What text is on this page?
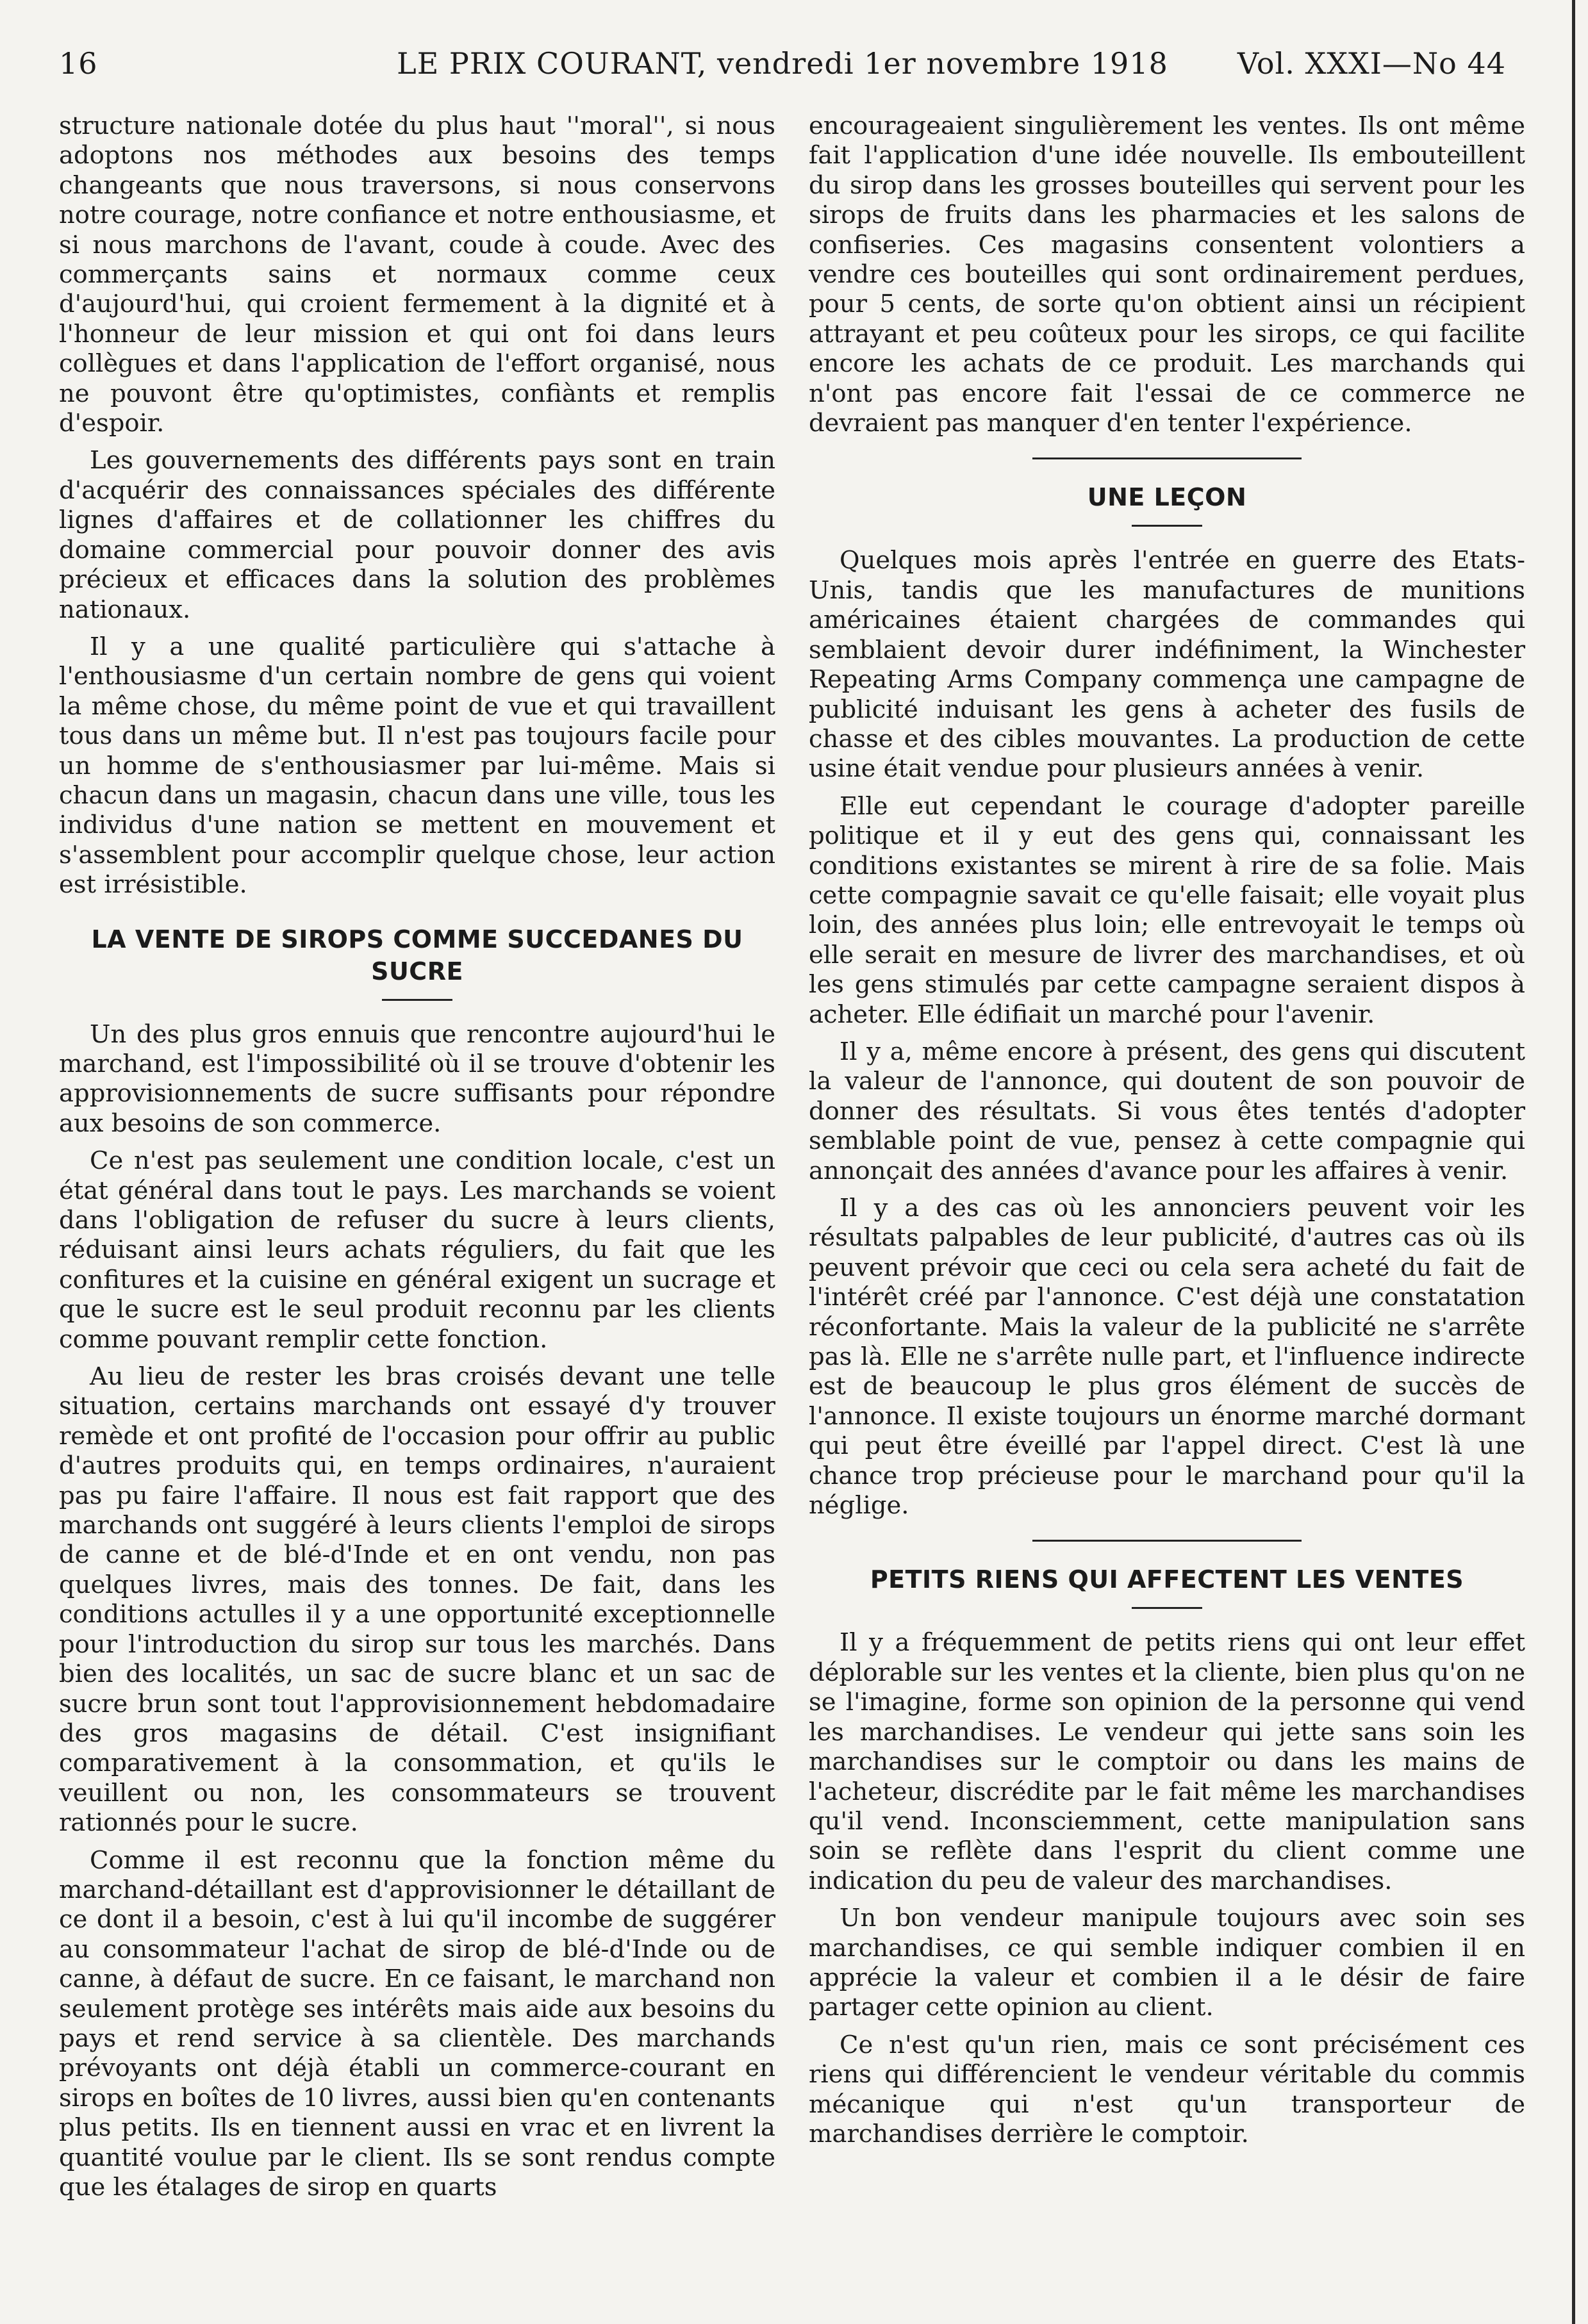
16	LE PRIX COURANT, vendredi 1er novembre 1918	Vol. XXXI—No 44

structure nationale dotée du plus haut ''moral'', si nous adoptons nos méthodes aux besoins des temps changeants que nous traversons, si nous conservons notre courage, notre confiance et notre enthousiasme, et si nous marchons de l'avant, coude à coude. Avec des commerçants sains et normaux comme ceux d'aujourd'hui, qui croient fermement à la dignité et à l'honneur de leur mission et qui ont foi dans leurs collègues et dans l'application de l'effort organisé, nous ne pouvont être qu'optimistes, confiànts et remplis d'espoir.

Les gouvernements des différents pays sont en train d'acquérir des connaissances spéciales des différente lignes d'affaires et de collationner les chiffres du domaine commercial pour pouvoir donner des avis précieux et efficaces dans la solution des problèmes nationaux.

Il y a une qualité particulière qui s'attache à l'enthousiasme d'un certain nombre de gens qui voient la même chose, du même point de vue et qui travaillent tous dans un même but. Il n'est pas toujours facile pour un homme de s'enthousiasmer par lui-même. Mais si chacun dans un magasin, chacun dans une ville, tous les individus d'une nation se mettent en mouvement et s'assemblent pour accomplir quelque chose, leur action est irrésistible.

LA VENTE DE SIROPS COMME SUCCEDANES DU SUCRE

Un des plus gros ennuis que rencontre aujourd'hui le marchand, est l'impossibilité où il se trouve d'obtenir les approvisionnements de sucre suffisants pour répondre aux besoins de son commerce.

Ce n'est pas seulement une condition locale, c'est un état général dans tout le pays. Les marchands se voient dans l'obligation de refuser du sucre à leurs clients, réduisant ainsi leurs achats réguliers, du fait que les confitures et la cuisine en général exigent un sucrage et que le sucre est le seul produit reconnu par les clients comme pouvant remplir cette fonction.

Au lieu de rester les bras croisés devant une telle situation, certains marchands ont essayé d'y trouver remède et ont profité de l'occasion pour offrir au public d'autres produits qui, en temps ordinaires, n'auraient pas pu faire l'affaire. Il nous est fait rapport que des marchands ont suggéré à leurs clients l'emploi de sirops de canne et de blé-d'Inde et en ont vendu, non pas quelques livres, mais des tonnes. De fait, dans les conditions actulles il y a une opportunité exceptionnelle pour l'introduction du sirop sur tous les marchés. Dans bien des localités, un sac de sucre blanc et un sac de sucre brun sont tout l'approvisionnement hebdomadaire des gros magasins de détail. C'est insignifiant comparativement à la consommation, et qu'ils le veuillent ou non, les consommateurs se trouvent rationnés pour le sucre.

Comme il est reconnu que la fonction même du marchand-détaillant est d'approvisionner le détaillant de ce dont il a besoin, c'est à lui qu'il incombe de suggérer au consommateur l'achat de sirop de blé-d'Inde ou de canne, à défaut de sucre. En ce faisant, le marchand non seulement protège ses intérêts mais aide aux besoins du pays et rend service à sa clientèle. Des marchands prévoyants ont déjà établi un commerce-courant en sirops en boîtes de 10 livres, aussi bien qu'en contenants plus petits. Ils en tiennent aussi en vrac et en livrent la quantité voulue par le client. Ils se sont rendus compte que les étalages de sirop en quarts

encourageaient singulièrement les ventes. Ils ont même fait l'application d'une idée nouvelle. Ils embouteillent du sirop dans les grosses bouteilles qui servent pour les sirops de fruits dans les pharmacies et les salons de confiseries. Ces magasins consentent volontiers a vendre ces bouteilles qui sont ordinairement perdues, pour 5 cents, de sorte qu'on obtient ainsi un récipient attrayant et peu coûteux pour les sirops, ce qui facilite encore les achats de ce produit. Les marchands qui n'ont pas encore fait l'essai de ce commerce ne devraient pas manquer d'en tenter l'expérience.

UNE LEÇON

Quelques mois après l'entrée en guerre des Etats-Unis, tandis que les manufactures de munitions américaines étaient chargées de commandes qui semblaient devoir durer indéfiniment, la Winchester Repeating Arms Company commença une campagne de publicité induisant les gens à acheter des fusils de chasse et des cibles mouvantes. La production de cette usine était vendue pour plusieurs années à venir.

Elle eut cependant le courage d'adopter pareille politique et il y eut des gens qui, connaissant les conditions existantes se mirent à rire de sa folie. Mais cette compagnie savait ce qu'elle faisait; elle voyait plus loin, des années plus loin; elle entrevoyait le temps où elle serait en mesure de livrer des marchandises, et où les gens stimulés par cette campagne seraient dispos à acheter. Elle édifiait un marché pour l'avenir.

Il y a, même encore à présent, des gens qui discutent la valeur de l'annonce, qui doutent de son pouvoir de donner des résultats. Si vous êtes tentés d'adopter semblable point de vue, pensez à cette compagnie qui annonçait des années d'avance pour les affaires à venir.

Il y a des cas où les annonciers peuvent voir les résultats palpables de leur publicité, d'autres cas où ils peuvent prévoir que ceci ou cela sera acheté du fait de l'intérêt créé par l'annonce. C'est déjà une constatation réconfortante. Mais la valeur de la publicité ne s'arrête pas là. Elle ne s'arrête nulle part, et l'influence indirecte est de beaucoup le plus gros élément de succès de l'annonce. Il existe toujours un énorme marché dormant qui peut être éveillé par l'appel direct. C'est là une chance trop précieuse pour le marchand pour qu'il la néglige.

PETITS RIENS QUI AFFECTENT LES VENTES

Il y a fréquemment de petits riens qui ont leur effet déplorable sur les ventes et la cliente, bien plus qu'on ne se l'imagine, forme son opinion de la personne qui vend les marchandises. Le vendeur qui jette sans soin les marchandises sur le comptoir ou dans les mains de l'acheteur, discrédite par le fait même les marchandises qu'il vend. Inconsciemment, cette manipulation sans soin se reflète dans l'esprit du client comme une indication du peu de valeur des marchandises.

Un bon vendeur manipule toujours avec soin ses marchandises, ce qui semble indiquer combien il en apprécie la valeur et combien il a le désir de faire partager cette opinion au client.

Ce n'est qu'un rien, mais ce sont précisément ces riens qui différencient le vendeur véritable du commis mécanique qui n'est qu'un transporteur de marchandises derrière le comptoir.
